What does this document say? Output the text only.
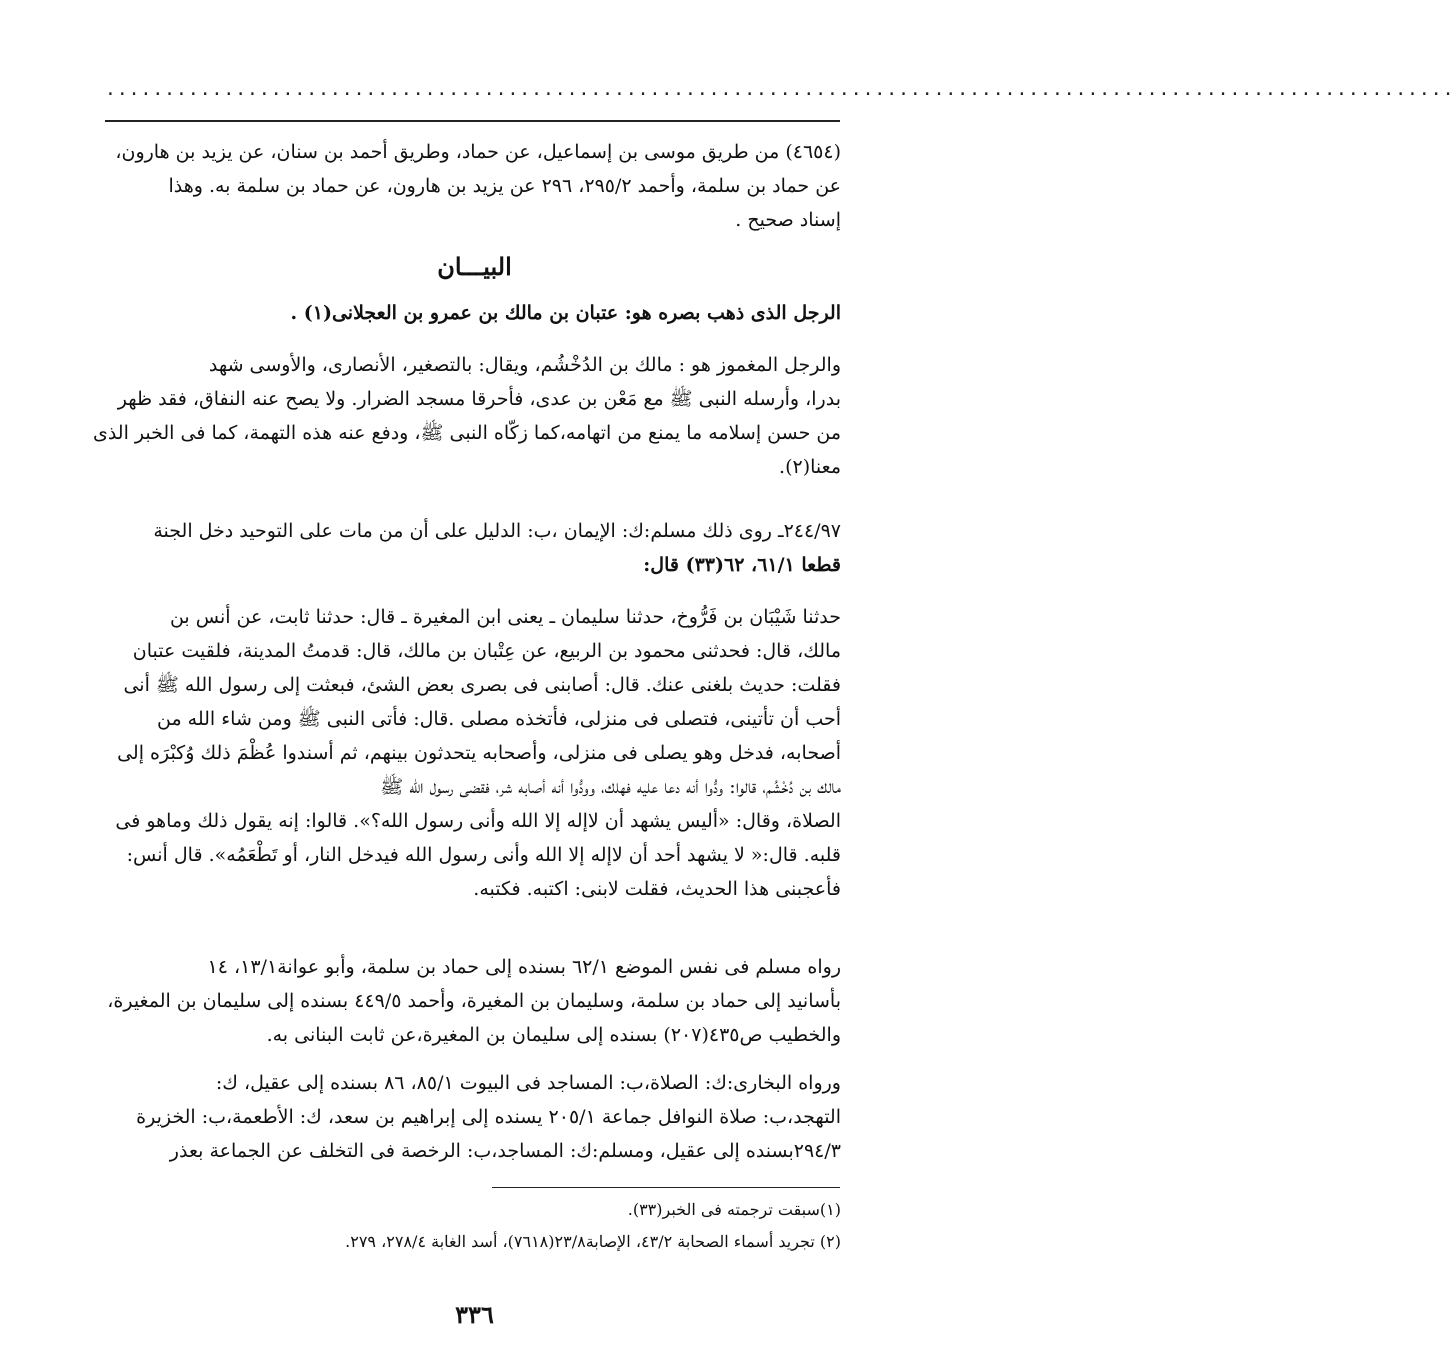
..................................................................................................................
(٤٦٥٤) من طريق موسى بن إسماعيل، عن حماد، وطريق أحمد بن سنان، عن يزيد بن هارون،
عن حماد بن سلمة، وأحمد ٢٩٥/٢، ٢٩٦ عن يزيد بن هارون، عن حماد بن سلمة به. وهذا
إسناد صحيح .
البيـــان
الرجل الذى ذهب بصره هو: عتبان بن مالك بن عمرو بن العجلانى(١) .
والرجل المغموز هو : مالك بن الدُخْشُم، ويقال: بالتصغير، الأنصارى، والأوسى شهد
بدرا، وأرسله النبى ﷺ مع مَعْن بن عدى، فأحرقا مسجد الضرار. ولا يصح عنه النفاق، فقد ظهر
من حسن إسلامه ما يمنع من اتهامه،كما زكّاه النبى ﷺ، ودفع عنه هذه التهمة، كما فى الخبر الذى
معنا(٢).
٢٤٤/٩٧ـ روى ذلك مسلم:ك: الإيمان ،ب: الدليل على أن من مات على التوحيد دخل الجنة
قطعا ٦١/١، ٦٢(٣٣) قال:
حدثنا شَيْبَان بن فَرُّوخ، حدثنا سليمان ـ يعنى ابن المغيرة ـ قال: حدثنا ثابت، عن أنس بن
مالك، قال: فحدثنى محمود بن الربيع، عن عِتْبان بن مالك، قال: قدمتُ المدينة، فلقيت عتبان
فقلت: حديث بلغنى عنك. قال: أصابنى فى بصرى بعض الشئ، فبعثت إلى رسول الله ﷺ أنى
أحب أن تأتينى، فتصلى فى منزلى، فأتخذه مصلى .قال: فأتى النبى ﷺ ومن شاء الله من
أصحابه، فدخل وهو يصلى فى منزلى، وأصحابه يتحدثون بينهم، ثم أسندوا عُظْمَ ذلك وُكبْرَه إلى
مالك بن دُخْشُم، قالوا: ودُّوا أنه دعا عليه فهلك، وودُّوا أنه أصابه شر، فقضى رسول الله ﷺ
الصلاة، وقال: «أليس يشهد أن لاإله إلا الله وأنى رسول الله؟». قالوا: إنه يقول ذلك وماهو فى
قلبه. قال:« لا يشهد أحد أن لاإله إلا الله وأنى رسول الله فيدخل النار، أو تَطْعَمُه». قال أنس:
فأعجبنى هذا الحديث، فقلت لابنى: اكتبه. فكتبه.
رواه مسلم فى نفس الموضع ٦٢/١ بسنده إلى حماد بن سلمة، وأبو عوانة١٣/١، ١٤
بأسانيد إلى حماد بن سلمة، وسليمان بن المغيرة، وأحمد ٤٤٩/٥ بسنده إلى سليمان بن المغيرة،
والخطيب ص٤٣٥(٢٠٧) بسنده إلى سليمان بن المغيرة،عن ثابت البنانى به.
ورواه البخارى:ك: الصلاة،ب: المساجد فى البيوت ٨٥/١، ٨٦ بسنده إلى عقيل، ك:
التهجد،ب: صلاة النوافل جماعة ٢٠٥/١ يسنده إلى إبراهيم بن سعد، ك: الأطعمة،ب: الخزيرة
٢٩٤/٣بسنده إلى عقيل، ومسلم:ك: المساجد،ب: الرخصة فى التخلف عن الجماعة بعذر
(١)سبقت ترجمته فى الخبر(٣٣).
(٢) تجريد أسماء الصحابة ٤٣/٢، الإصابة٢٣/٨(٧٦١٨)، أسد الغابة ٢٧٨/٤، ٢٧٩.
٣٣٦
